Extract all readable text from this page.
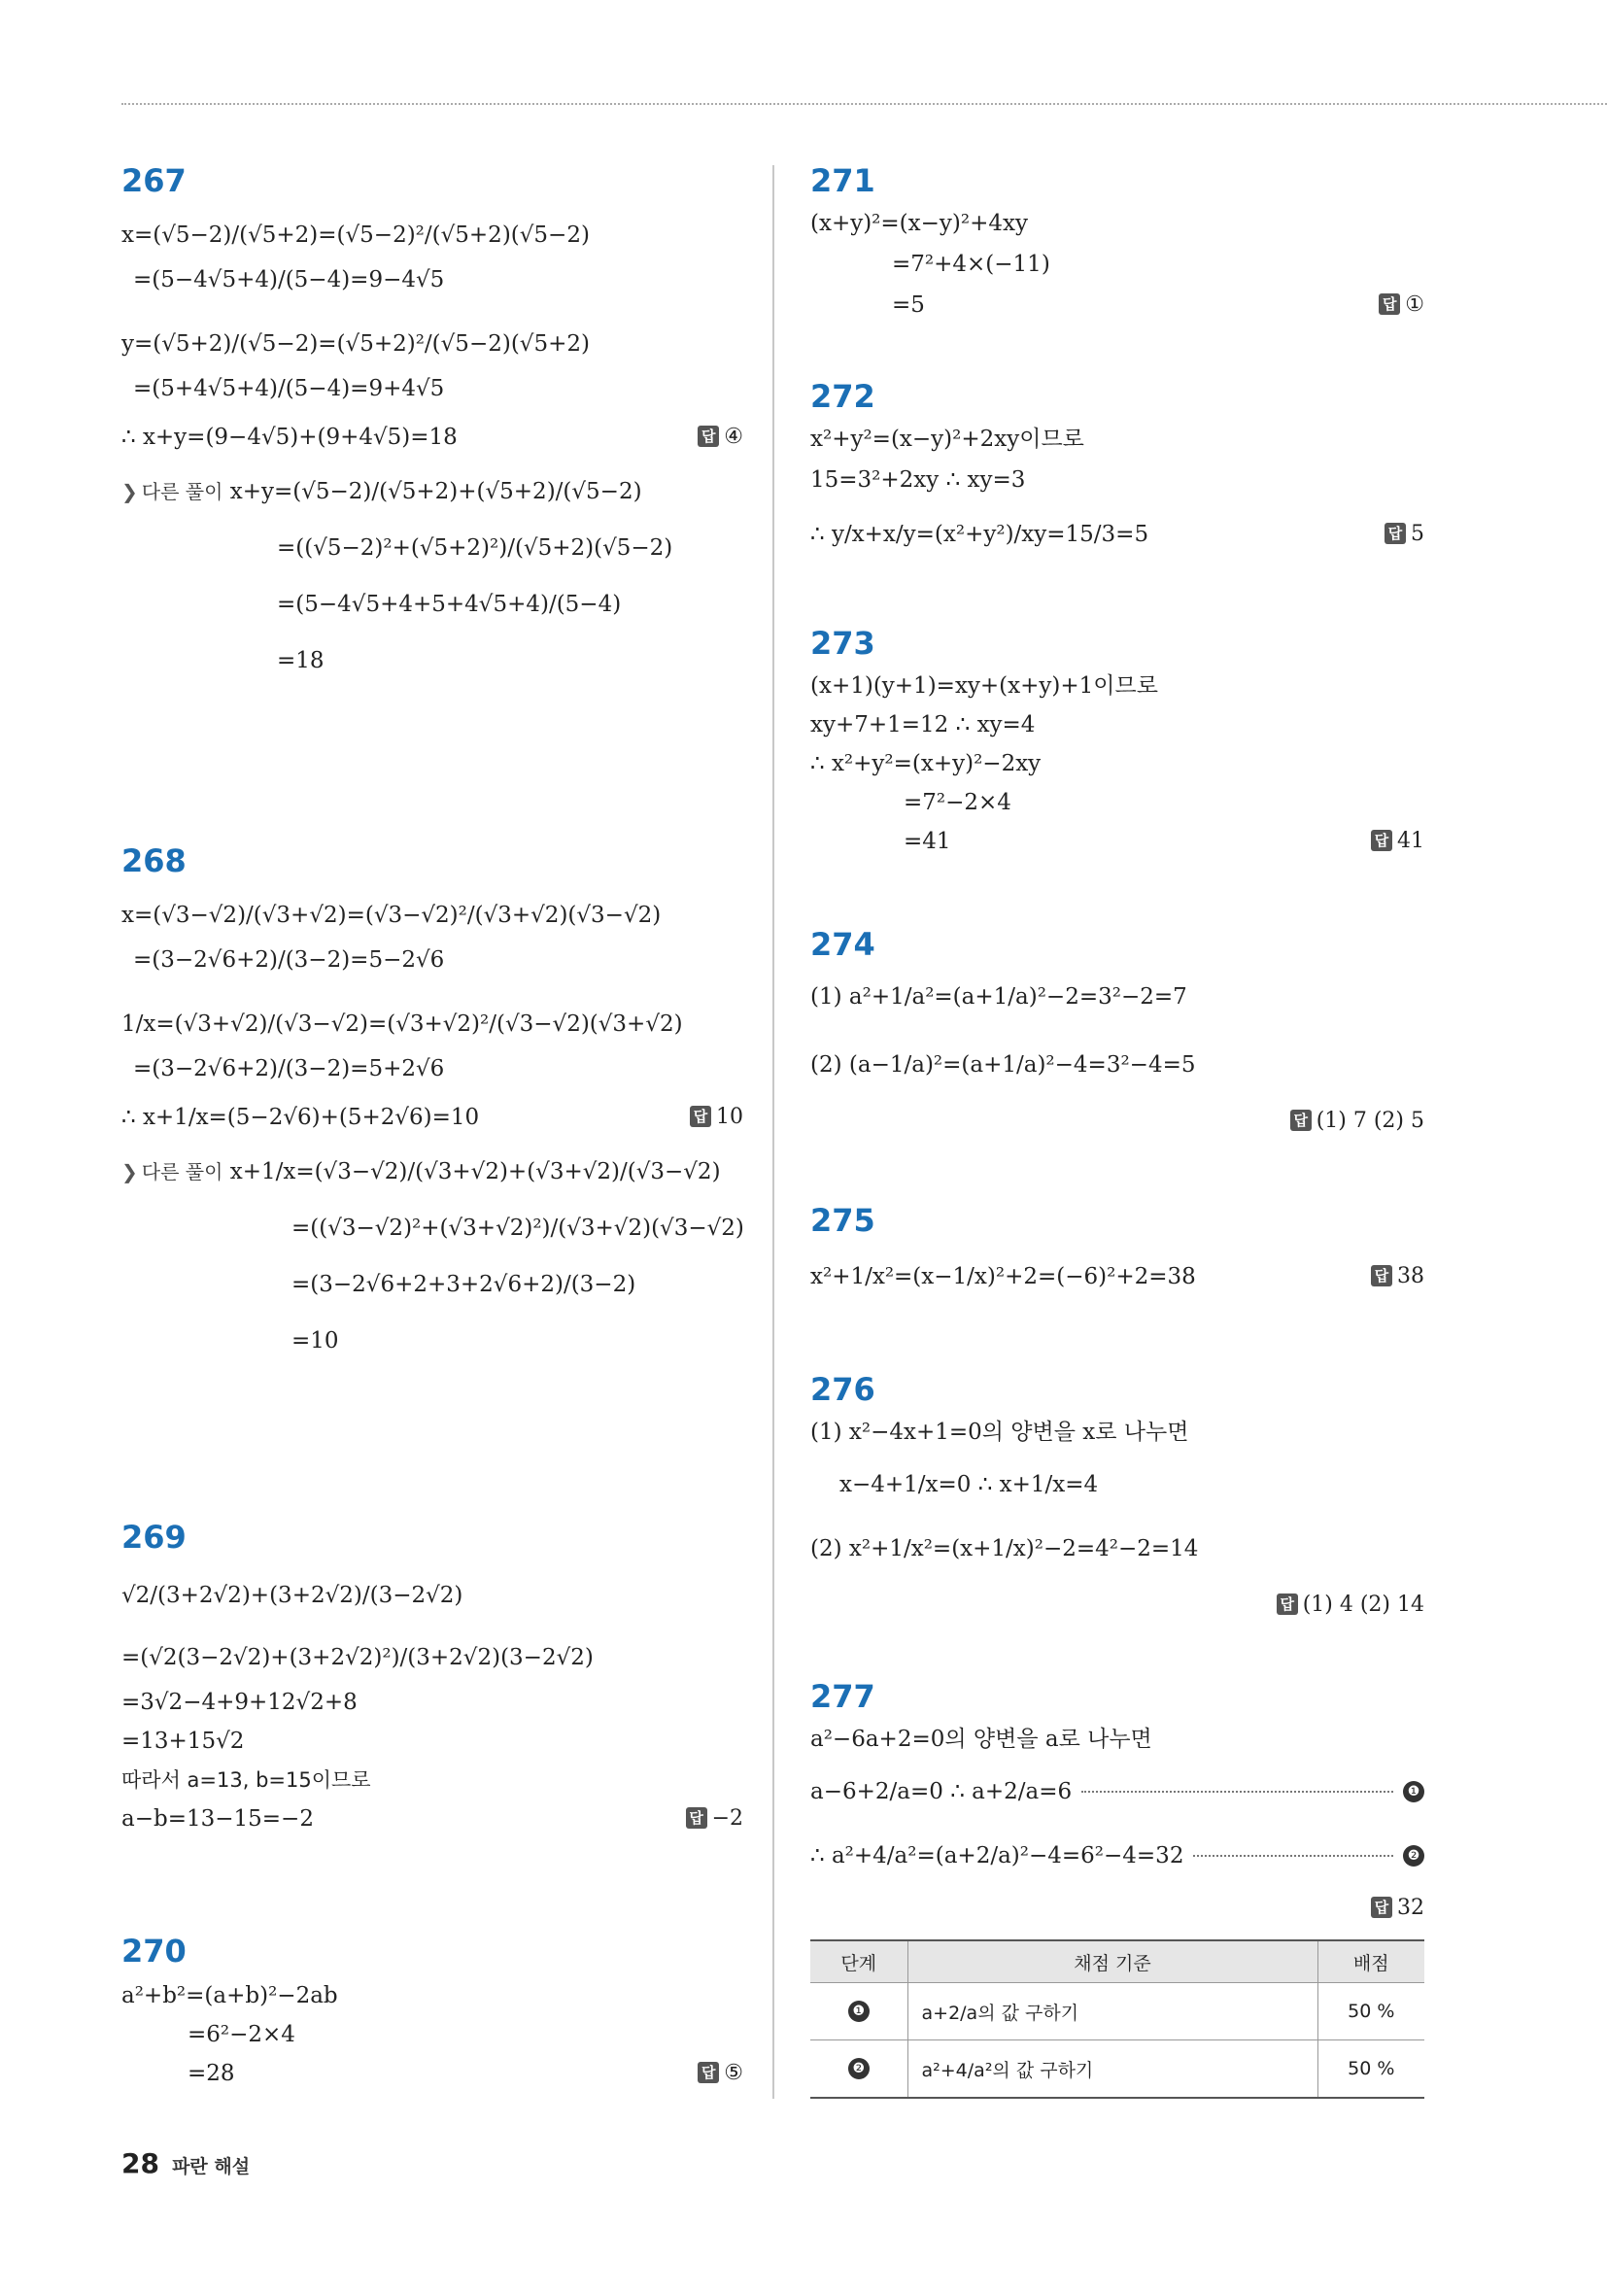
267
x=(√5−2)/(√5+2)=(√5−2)²/(√5+2)(√5−2)
=(5−4√5+4)/(5−4)=9−4√5
y=(√5+2)/(√5−2)=(√5+2)²/(√5−2)(√5+2)
=(5+4√5+4)/(5−4)=9+4√5
∴ x+y=(9−4√5)+(9+4√5)=18	답 ④
❯ 다른 풀이 x+y=(√5−2)/(√5+2)+(√5+2)/(√5−2)
=((√5−2)²+(√5+2)²)/(√5+2)(√5−2)
=(5−4√5+4+5+4√5+4)/(5−4)
=18
268
x=(√3−√2)/(√3+√2)=(√3−√2)²/(√3+√2)(√3−√2)
=(3−2√6+2)/(3−2)=5−2√6
1/x=(√3+√2)/(√3−√2)=(√3+√2)²/(√3−√2)(√3+√2)
=(3−2√6+2)/(3−2)=5+2√6
∴ x+1/x=(5−2√6)+(5+2√6)=10	답 10
❯ 다른 풀이 x+1/x=(√3−√2)/(√3+√2)+(√3+√2)/(√3−√2)
=((√3−√2)²+(√3+√2)²)/(√3+√2)(√3−√2)
=(3−2√6+2+3+2√6+2)/(3−2)
=10
269
√2/(3+2√2)+(3+2√2)/(3−2√2)
=(√2(3−2√2)+(3+2√2)²)/(3+2√2)(3−2√2)
=3√2−4+9+12√2+8
=13+15√2
따라서 a=13, b=15이므로
a−b=13−15=−2	답 −2
270
a²+b²=(a+b)²−2ab
=6²−2×4
=28	답 ⑤
271
(x+y)²=(x−y)²+4xy
=7²+4×(−11)
=5	답 ①
272
x²+y²=(x−y)²+2xy이므로
15=3²+2xy ∴ xy=3
∴ y/x+x/y=(x²+y²)/xy=15/3=5	답 5
273
(x+1)(y+1)=xy+(x+y)+1이므로
xy+7+1=12 ∴ xy=4
∴ x²+y²=(x+y)²−2xy
=7²−2×4
=41	답 41
274
(1) a²+1/a²=(a+1/a)²−2=3²−2=7
(2) (a−1/a)²=(a+1/a)²−4=3²−4=5
답 (1) 7 (2) 5
275
x²+1/x²=(x−1/x)²+2=(−6)²+2=38	답 38
276
(1) x²−4x+1=0의 양변을 x로 나누면
x−4+1/x=0 ∴ x+1/x=4
(2) x²+1/x²=(x+1/x)²−2=4²−2=14
답 (1) 4 (2) 14
277
a²−6a+2=0의 양변을 a로 나누면
a−6+2/a=0 ∴ a+2/a=6	❶
∴ a²+4/a²=(a+2/a)²−4=6²−4=32	❷
답 32
단계	채점 기준	배점
❶	a+2/a의 값 구하기	50 %
❷	a²+4/a²의 값 구하기	50 %
28 파란 해설
